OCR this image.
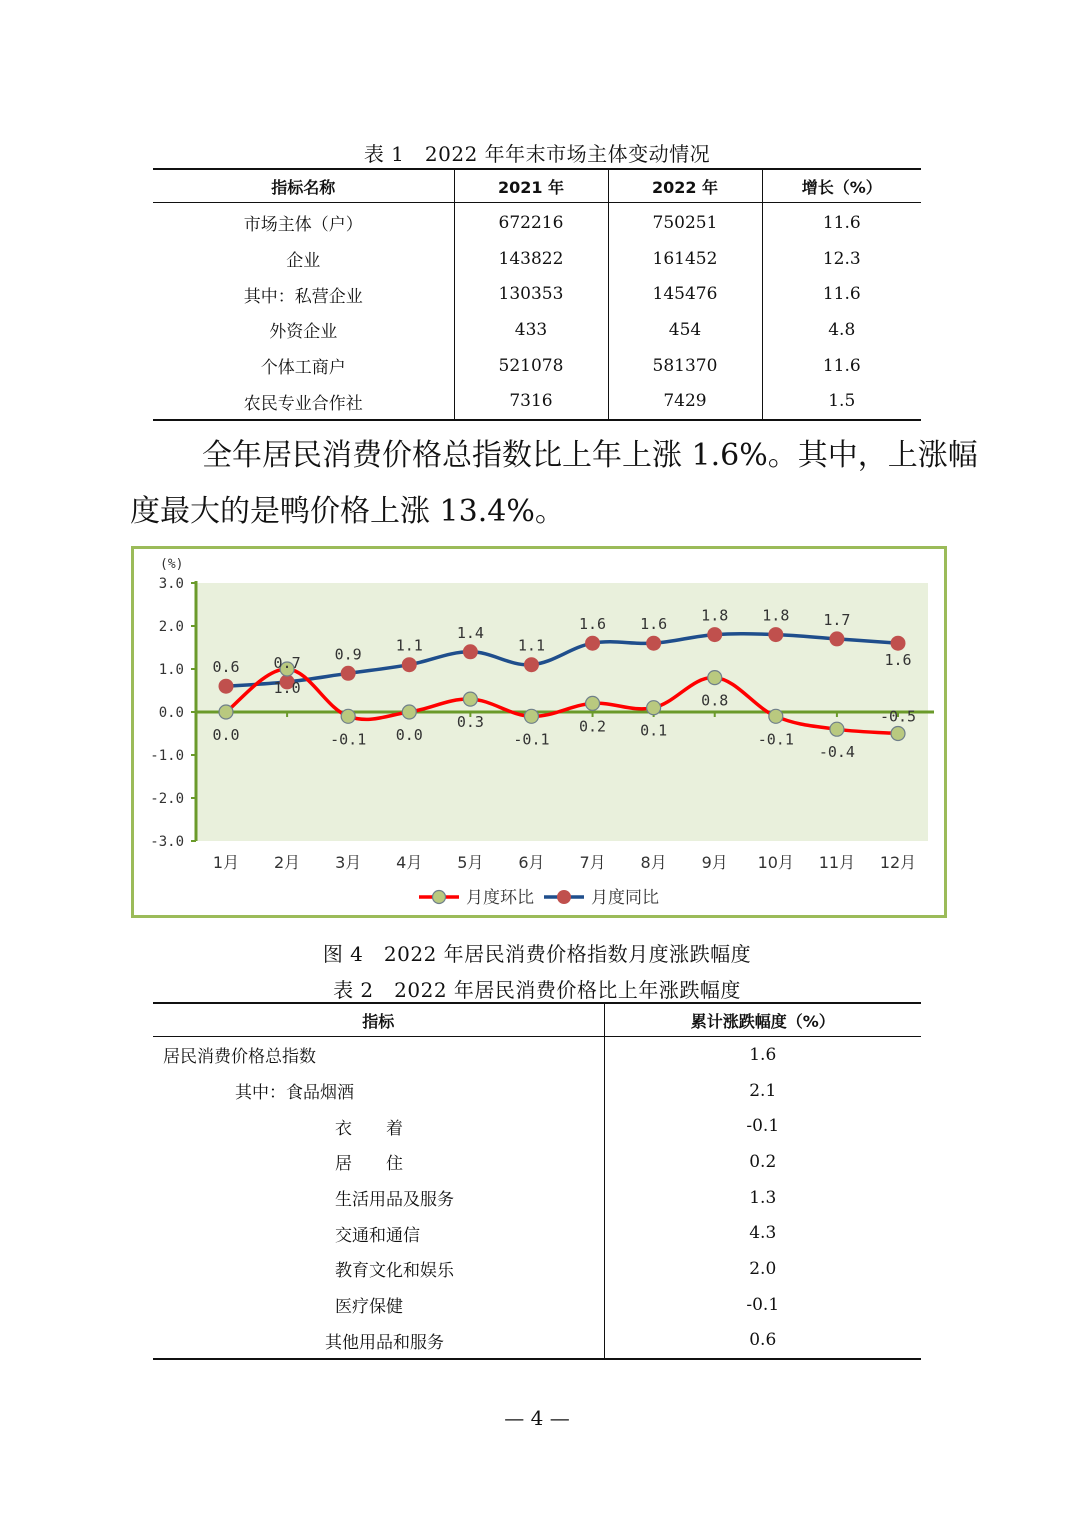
表 1　2022 年年末市场主体变动情况
指标名称	2021 年	2022 年	增长（%）
市场主体（户）	672216	750251	11.6
企业	143822	161452	12.3
其中：私营企业	130353	145476	11.6
外资企业	433	454	4.8
个体工商户	521078	581370	11.6
农民专业合作社	7316	7429	1.5
全年居民消费价格总指数比上年上涨 1.6%。其中，上涨幅
度最大的是鸭价格上涨 13.4%。
3.0
2.0
1.0
0.0
-1.0
-2.0
-3.0
(%)
1月 2月 3月 4月 5月 6月 7月 8月 9月 10月 11月 12月
0.6 0.7 0.9 1.1
1.4
1.1
1.6 1.6 1.8 1.8 1.7
1.6
0.0
1.0
-0.1 0.0
0.3
-0.1
0.2 0.1
0.8
-0.1
-0.4
-0.5
月度环比	月度同比
图 4　2022 年居民消费价格指数月度涨跌幅度
表 2　2022 年居民消费价格比上年涨跌幅度
指标	累计涨跌幅度（%）
居民消费价格总指数	1.6
其中：食品烟酒	2.1
衣　　着	-0.1
居　　住	0.2
生活用品及服务	1.3
交通和通信	4.3
教育文化和娱乐	2.0
医疗保健	-0.1
其他用品和服务	0.6
— 4 —
